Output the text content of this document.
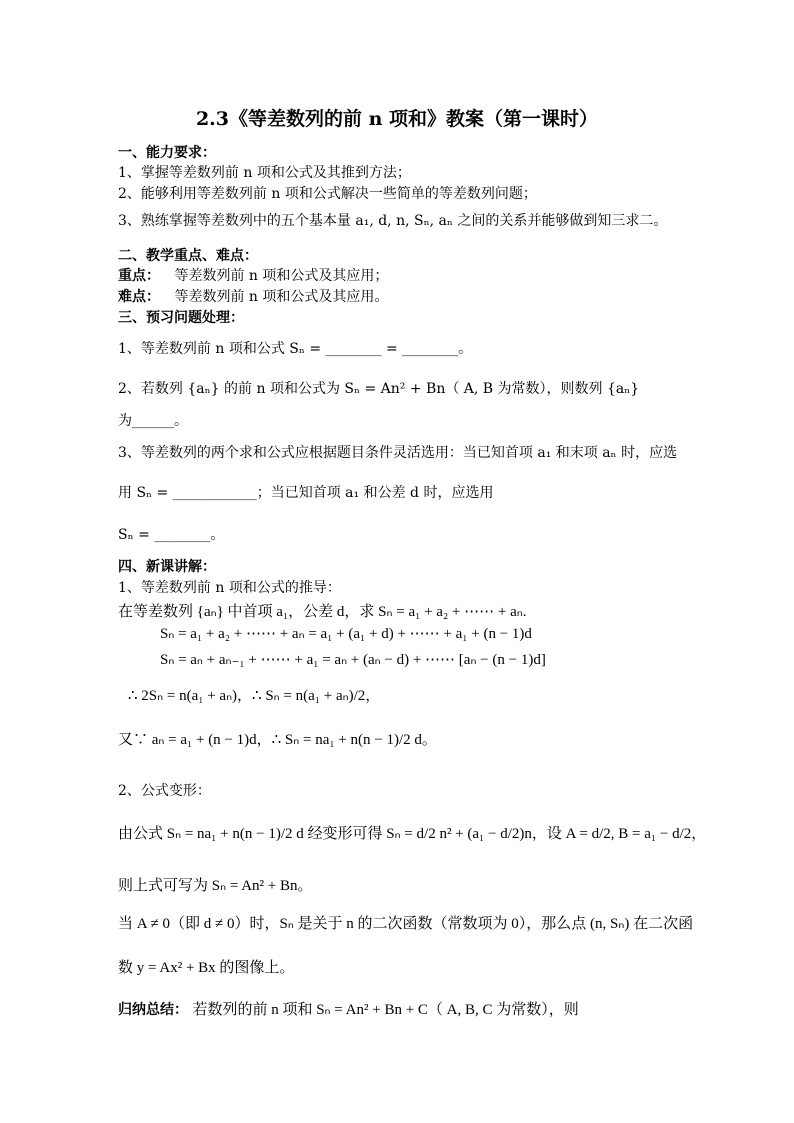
2.3《等差数列的前 n 项和》教案（第一课时）
一、能力要求：
1、掌握等差数列前 n 项和公式及其推到方法；
2、能够利用等差数列前 n 项和公式解决一些简单的等差数列问题；
3、熟练掌握等差数列中的五个基本量 a₁, d, n, Sₙ, aₙ 之间的关系并能够做到知三求二。
二、教学重点、难点：
重点： 等差数列前 n 项和公式及其应用；
难点： 等差数列前 n 项和公式及其应用。
三、预习问题处理：
1、等差数列前 n 项和公式 Sₙ = ________ = ________。
2、若数列 {aₙ} 的前 n 项和公式为 Sₙ = An² + Bn（ A, B 为常数），则数列 {aₙ}
为______。
3、等差数列的两个求和公式应根据题目条件灵活选用：当已知首项 a₁ 和末项 aₙ 时，应选
用 Sₙ = ____________；当已知首项 a₁ 和公差 d 时，应选用
Sₙ = ________。
四、新课讲解：
1、等差数列前 n 项和公式的推导：
在等差数列 {aₙ} 中首项 a₁，公差 d，求 Sₙ = a₁ + a₂ + ⋯⋯ + aₙ.
Sₙ = a₁ + a₂ + ⋯⋯ + aₙ = a₁ + (a₁ + d) + ⋯⋯ + a₁ + (n − 1)d
Sₙ = aₙ + aₙ₋₁ + ⋯⋯ + a₁ = aₙ + (aₙ − d) + ⋯⋯ [aₙ − (n − 1)d]
∴ 2Sₙ = n(a₁ + aₙ)，∴ Sₙ = n(a₁ + aₙ)/2，
又∵ aₙ = a₁ + (n − 1)d，∴ Sₙ = na₁ + n(n − 1)/2 d。
2、公式变形：
由公式 Sₙ = na₁ + n(n − 1)/2 d 经变形可得 Sₙ = d/2 n² + (a₁ − d/2)n，设 A = d/2, B = a₁ − d/2，
则上式可写为 Sₙ = An² + Bn。
当 A ≠ 0（即 d ≠ 0）时，Sₙ 是关于 n 的二次函数（常数项为 0），那么点 (n, Sₙ) 在二次函
数 y = Ax² + Bx 的图像上。
归纳总结： 若数列的前 n 项和 Sₙ = An² + Bn + C（ A, B, C 为常数），则
